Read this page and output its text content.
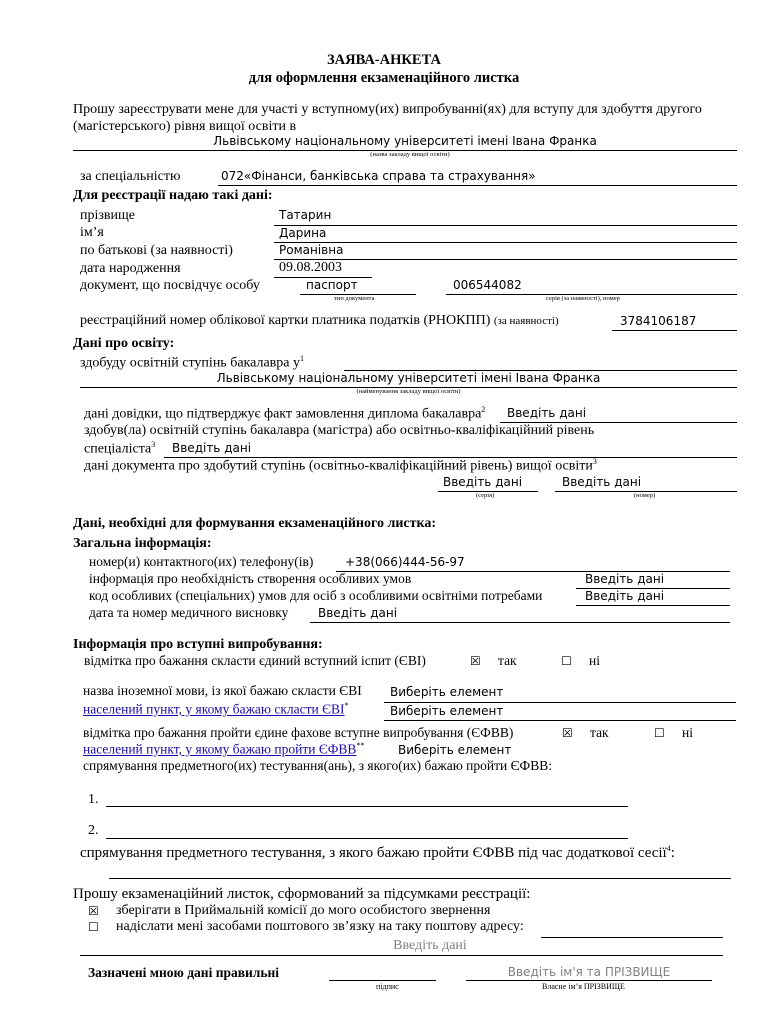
ЗАЯВА-АНКЕТА
для оформлення екзаменаційного листка
Прошу зареєструвати мене для участі у вступному(их) випробуванні(ях) для вступу для здобуття другого
(магістерського) рівня вищої освіти в
Львівському національному університеті імені Івана Франка
(назва закладу вищої освіти)
за спеціальністю	072«Фінанси, банківська справа та страхування»
Для реєстрації надаю такі дані:
прізвище	Татарин
ім’я	Дарина
по батькові (за наявності)	Романівна
дата народження	09.08.2003
документ, що посвідчує особу	паспорт	006544082
тип документа	серія (за наявності), номер
реєстраційний номер облікової картки платника податків (РНОКПП) (за наявності)	3784106187
Дані про освіту:
здобуду освітній ступінь бакалавра $у^1$
Львівському національному університеті імені Івана Франка
(найменування закладу вищої освіти)
дані довідки, що підтверджує факт замовлення диплома бакалавра$^2$ Введіть дані
здобув(ла) освітній ступінь бакалавра (магістра) або освітньо-кваліфікаційний рівень
спеціаліста$^3$ Введіть дані
дані документа про здобутий ступінь (освітньо-кваліфікаційний рівень) вищої освіти$^3$
Введіть дані	Введіть дані
(серія)	(номер)
Дані, необхідні для формування екзаменаційного листка:
Загальна інформація:
номер(и) контактного(их) телефону(ів)	+38(066)444-56-97
інформація про необхідність створення особливих умов	Введіть дані
код особливих (спеціальних) умов для осіб з особливими освітніми потребами	Введіть дані
дата та номер медичного висновку Введіть дані
Інформація про вступні випробування:
відмітка про бажання скласти єдиний вступний іспит (ЄВІ)	☒ так	☐ ні
назва іноземної мови, із якої бажаю скласти ЄВІ Виберіть елемент
населений пункт, у якому бажаю скласти ЄВІ*	Виберіть елемент
відмітка про бажання пройти єдине фахове вступне випробування (ЄФВВ)	☒ так	☐ ні
населений пункт, у якому бажаю пройти ЄФВВ**	Виберіть елемент
спрямування предметного(их) тестування(ань), з якого(их) бажаю пройти ЄФВВ:
1.
2.
спрямування предметного тестування, з якого бажаю пройти ЄФВВ під час додаткової сесії$^4$:
Прошу екзаменаційний листок, сформований за підсумками реєстрації:
☒ зберігати в Приймальній комісії до мого особистого звернення
☐ надіслати мені засобами поштового зв’язку на таку поштову адресу:
Введіть дані
Зазначені мною дані правильні	Введіть ім'я та ПРІЗВИЩЕ
підпис	Власне ім’я ПРІЗВИЩЕ
